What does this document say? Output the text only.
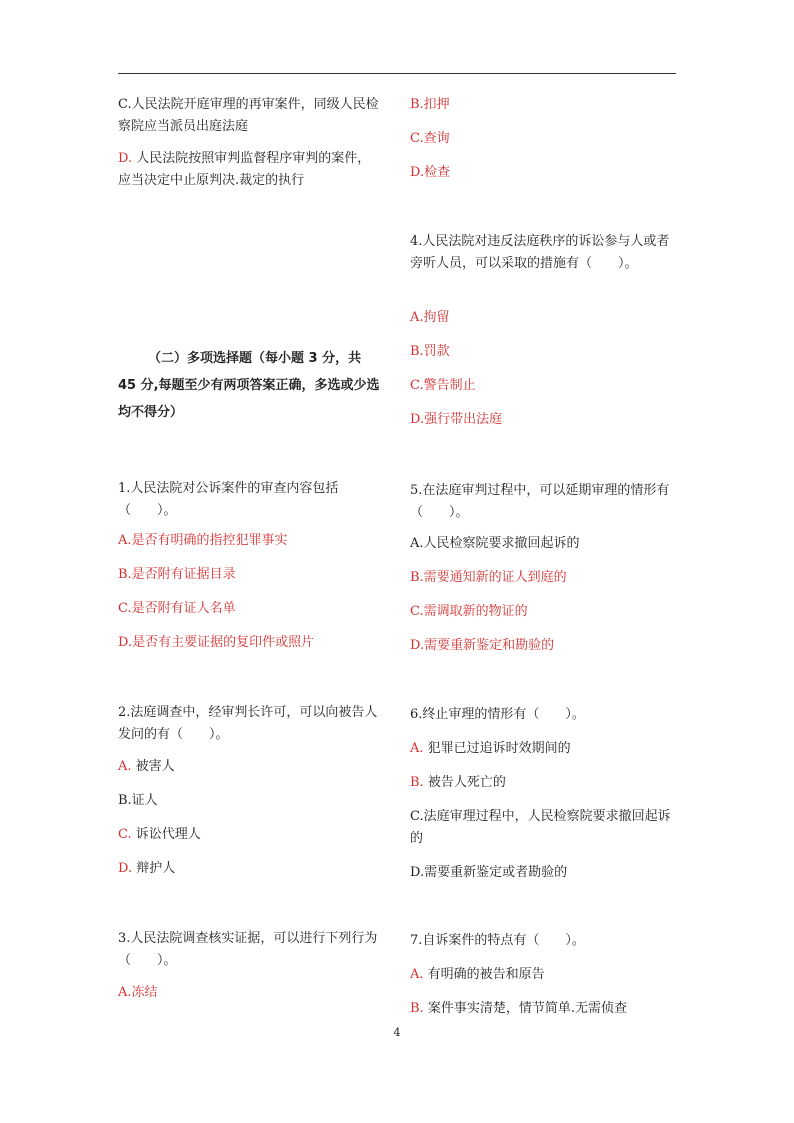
C.人民法院开庭审理的再审案件，同级人民检察院应当派员出庭法庭

D. 人民法院按照审判监督程序审判的案件，应当决定中止原判决.裁定的执行

（二）多项选择题（每小题 3 分，共 45 分,每题至少有两项答案正确，多选或少选均不得分）

1.人民法院对公诉案件的审查内容包括（　　）。

A.是否有明确的指控犯罪事实

B.是否附有证据目录

C.是否附有证人名单

D.是否有主要证据的复印件或照片

2.法庭调查中，经审判长许可，可以向被告人发问的有（　　）。

A. 被害人

B.证人

C. 诉讼代理人

D. 辩护人

3.人民法院调查核实证据，可以进行下列行为（　　）。

A.冻结

B.扣押

C.查询

D.检查

4.人民法院对违反法庭秩序的诉讼参与人或者旁听人员，可以采取的措施有（　　）。

A.拘留

B.罚款

C.警告制止

D.强行带出法庭

5.在法庭审判过程中，可以延期审理的情形有（　　）。

A.人民检察院要求撤回起诉的

B.需要通知新的证人到庭的

C.需调取新的物证的

D.需要重新鉴定和勘验的

6.终止审理的情形有（　　）。

A. 犯罪已过追诉时效期间的

B. 被告人死亡的

C.法庭审理过程中，人民检察院要求撤回起诉的

D.需要重新鉴定或者勘验的

7.自诉案件的特点有（　　）。

A. 有明确的被告和原告

B. 案件事实清楚，情节简单.无需侦查

4
